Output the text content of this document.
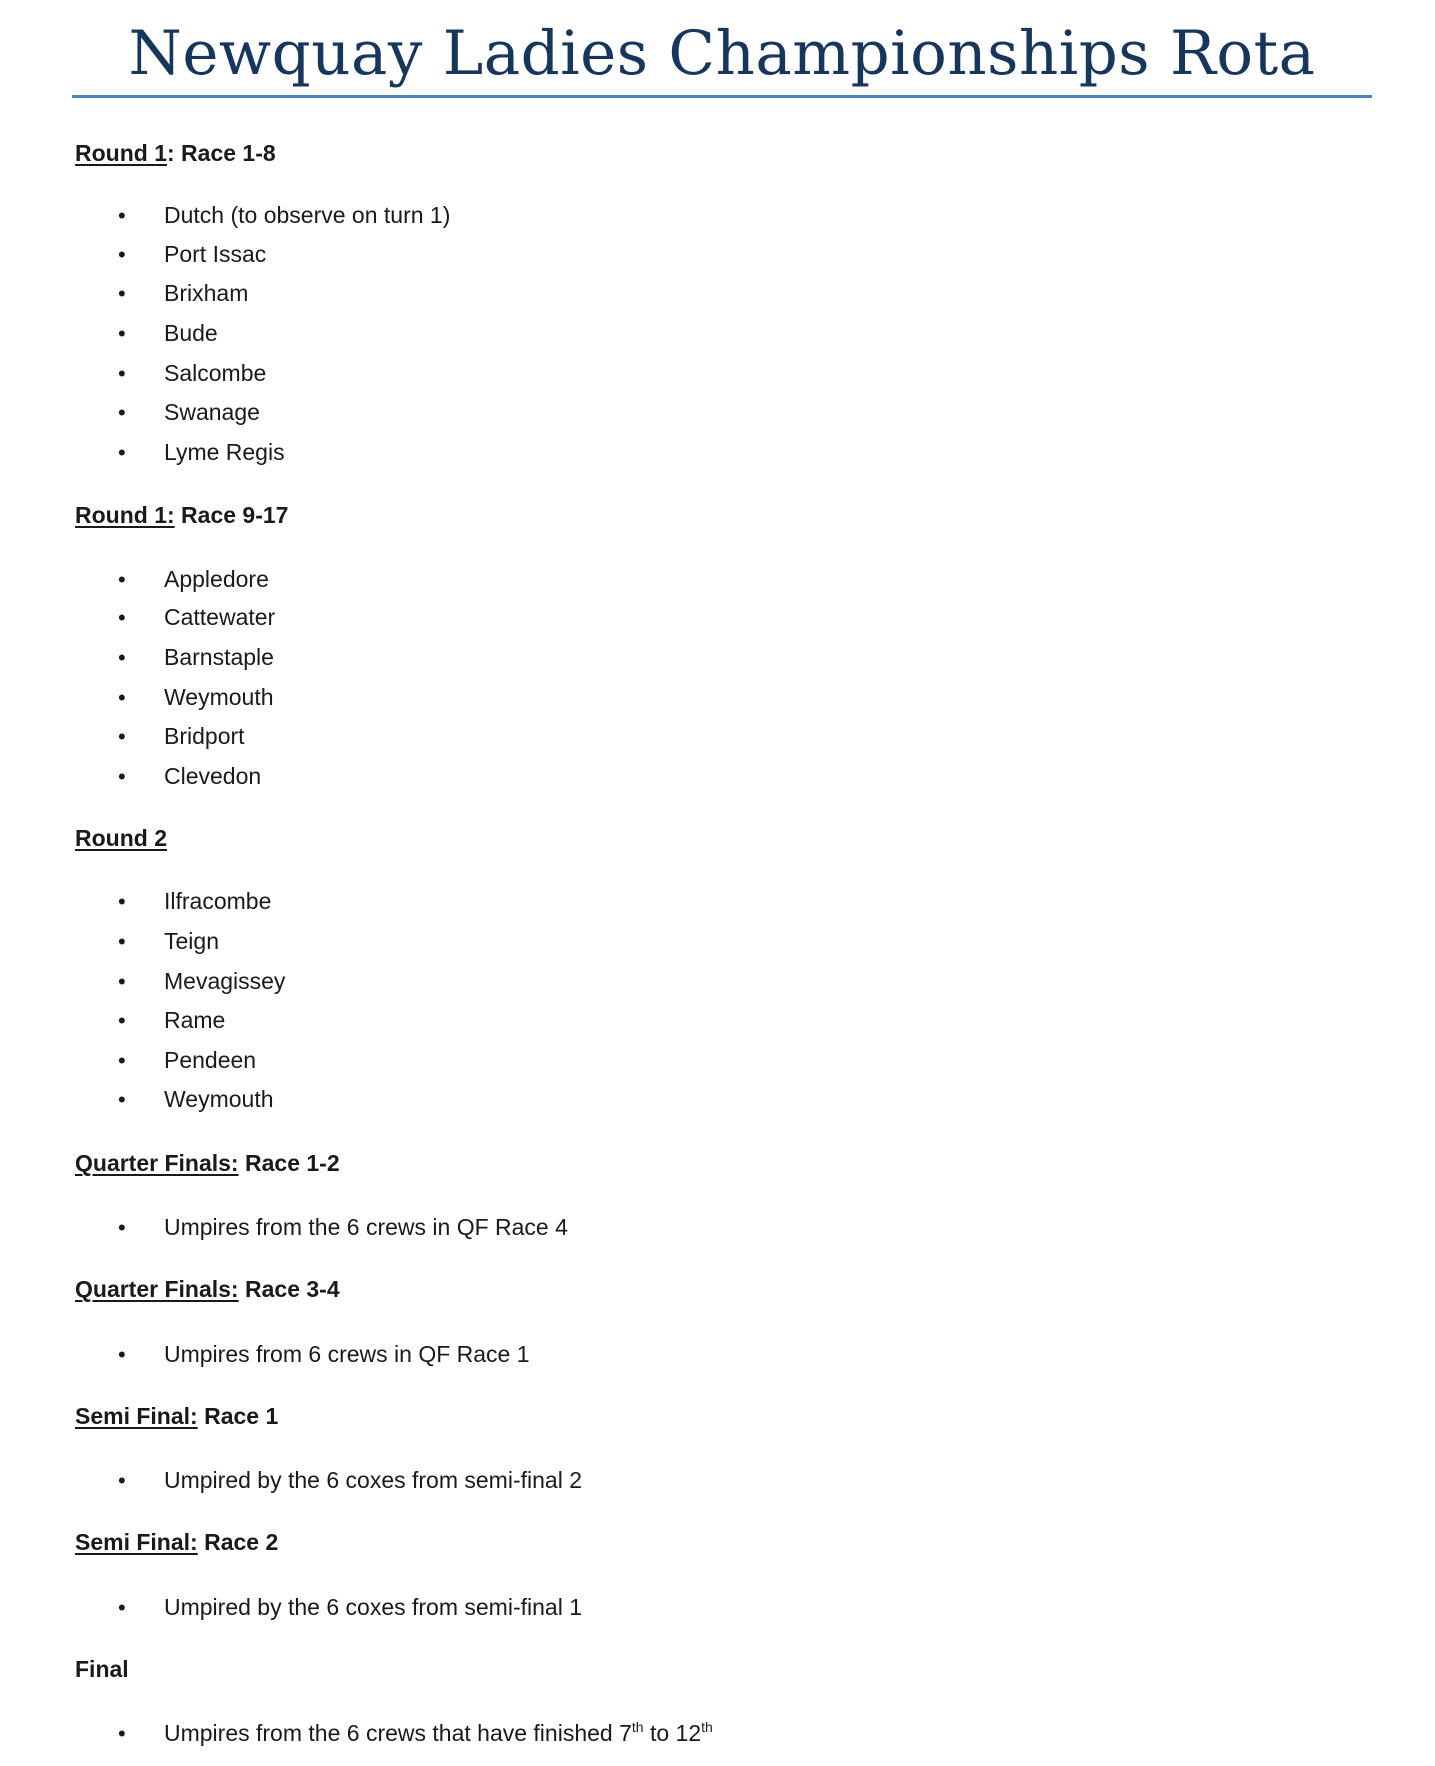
Newquay Ladies Championships Rota
Round 1: Race 1-8
• Dutch (to observe on turn 1)
• Port Issac
• Brixham
• Bude
• Salcombe
• Swanage
• Lyme Regis
Round 1: Race 9-17
• Appledore
• Cattewater
• Barnstaple
• Weymouth
• Bridport
• Clevedon
Round 2
• Ilfracombe
• Teign
• Mevagissey
• Rame
• Pendeen
• Weymouth
Quarter Finals: Race 1-2
• Umpires from the 6 crews in QF Race 4
Quarter Finals: Race 3-4
• Umpires from 6 crews in QF Race 1
Semi Final: Race 1
• Umpired by the 6 coxes from semi-final 2
Semi Final: Race 2
• Umpired by the 6 coxes from semi-final 1
Final
• Umpires from the 6 crews that have finished 7th to 12th
